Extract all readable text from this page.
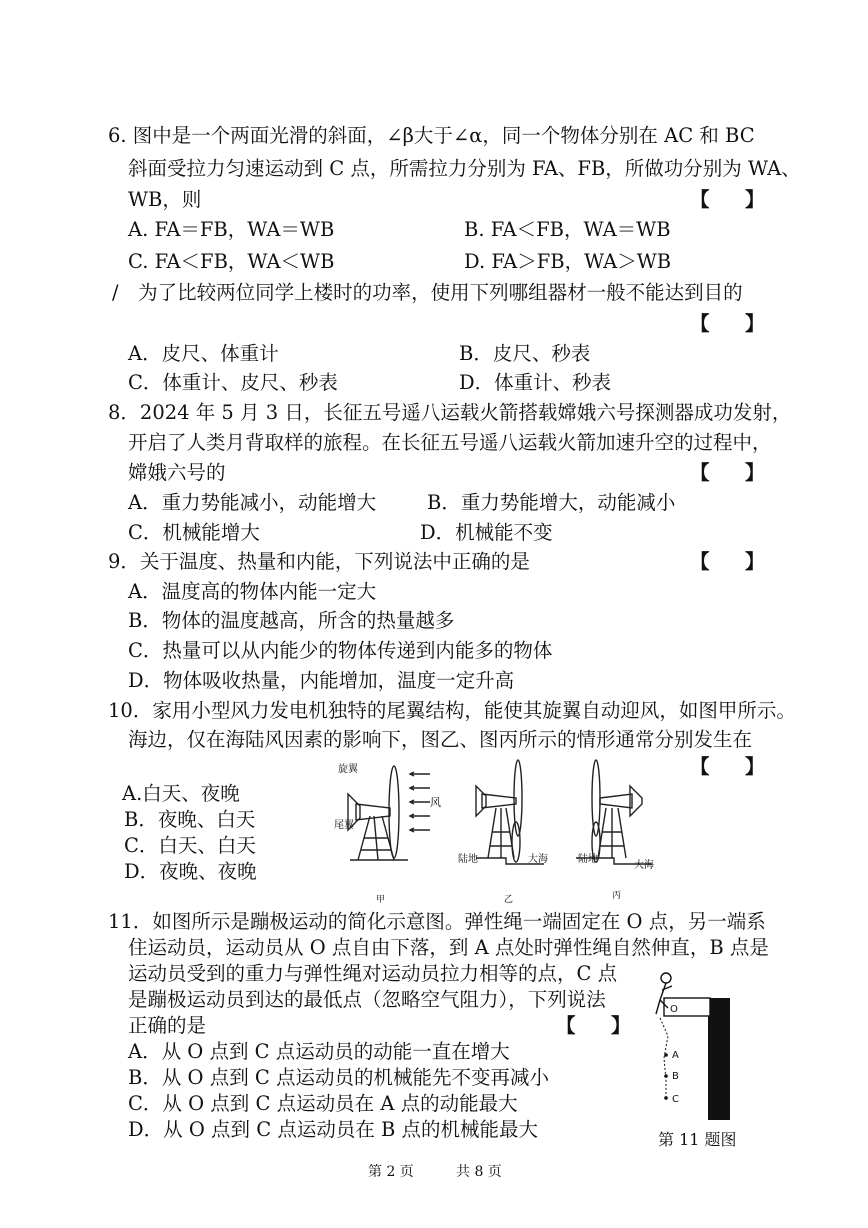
6. 图中是一个两面光滑的斜面，∠β大于∠α，同一个物体分别在 AC 和 BC
斜面受拉力匀速运动到 C 点，所需拉力分别为 FA、FB，所做功分别为 WA、
WB，则	【　】
A. FA＝FB，WA＝WB	B. FA＜FB，WA＝WB
C. FA＜FB，WA＜WB	D. FA＞FB，WA＞WB
/　为了比较两位同学上楼时的功率，使用下列哪组器材一般不能达到目的
【　】
A．皮尺、体重计	B．皮尺、秒表
C．体重计、皮尺、秒表	D．体重计、秒表
8．2024 年 5 月 3 日，长征五号遥八运载火箭搭载嫦娥六号探测器成功发射，
开启了人类月背取样的旅程。在长征五号遥八运载火箭加速升空的过程中，
嫦娥六号的	【　】
A．重力势能减小，动能增大	B．重力势能增大，动能减小
C．机械能增大	D．机械能不变
9．关于温度、热量和内能，下列说法中正确的是	【　】
A．温度高的物体内能一定大
B．物体的温度越高，所含的热量越多
C．热量可以从内能少的物体传递到内能多的物体
D．物体吸收热量，内能增加，温度一定升高
10．家用小型风力发电机独特的尾翼结构，能使其旋翼自动迎风，如图甲所示。
海边，仅在海陆风因素的影响下，图乙、图丙所示的情形通常分别发生在
【　】
A.白天、夜晚
B．夜晚、白天
C．白天、白天
D．夜晚、夜晚
旋翼
风
尾翼
陆地	大海	陆地
大海
甲	乙	丙
11．如图所示是蹦极运动的简化示意图。弹性绳一端固定在 O 点，另一端系
住运动员，运动员从 O 点自由下落，到 A 点处时弹性绳自然伸直，B 点是
运动员受到的重力与弹性绳对运动员拉力相等的点，C 点
是蹦极运动员到达的最低点（忽略空气阻力），下列说法
正确的是	【　】
A．从 O 点到 C 点运动员的动能一直在增大
B．从 O 点到 C 点运动员的机械能先不变再减小
C．从 O 点到 C 点运动员在 A 点的动能最大
D．从 O 点到 C 点运动员在 B 点的机械能最大
O
A
B
C
第 11 题图
第 2 页	共 8 页
